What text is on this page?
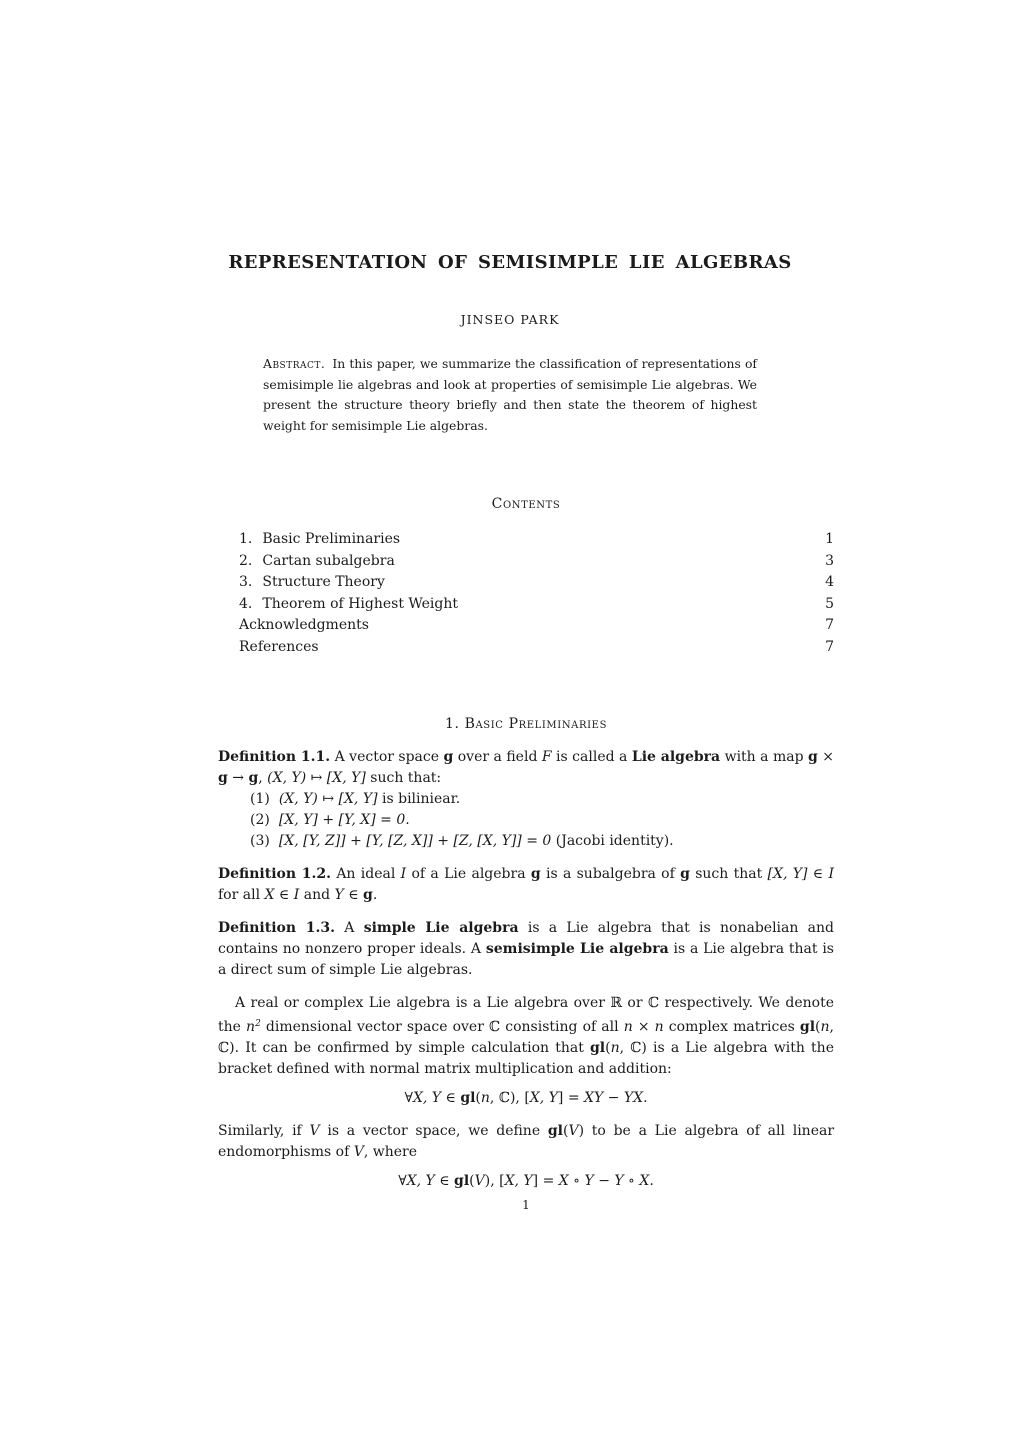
REPRESENTATION OF SEMISIMPLE LIE ALGEBRAS
JINSEO PARK
Abstract. In this paper, we summarize the classification of representations of semisimple lie algebras and look at properties of semisimple Lie algebras. We present the structure theory briefly and then state the theorem of highest weight for semisimple Lie algebras.
Contents
1. Basic Preliminaries	1
2. Cartan subalgebra	3
3. Structure Theory	4
4. Theorem of Highest Weight	5
Acknowledgments	7
References	7
1. Basic Preliminaries

Definition 1.1. A vector space g over a field F is called a Lie algebra with a map g × g → g, (X, Y) ↦ [X, Y] such that:

(1) (X, Y) ↦ [X, Y] is biliniear.
(2) [X, Y] + [Y, X] = 0.
(3) [X, [Y, Z]] + [Y, [Z, X]] + [Z, [X, Y]] = 0 (Jacobi identity).

Definition 1.2. An ideal I of a Lie algebra g is a subalgebra of g such that [X, Y] ∈ I for all X ∈ I and Y ∈ g.

Definition 1.3. A simple Lie algebra is a Lie algebra that is nonabelian and contains no nonzero proper ideals. A semisimple Lie algebra is a Lie algebra that is a direct sum of simple Lie algebras.

A real or complex Lie algebra is a Lie algebra over ℝ or ℂ respectively. We denote the $n^2$ dimensional vector space over ℂ consisting of all n × n complex matrices gl(n, ℂ). It can be confirmed by simple calculation that gl(n, ℂ) is a Lie algebra with the bracket defined with normal matrix multiplication and addition:

∀X, Y ∈ gl(n, ℂ), [X, Y] = XY − YX.

Similarly, if V is a vector space, we define gl(V) to be a Lie algebra of all linear endomorphisms of V, where

∀X, Y ∈ gl(V), [X, Y] = X ∘ Y − Y ∘ X.
1
